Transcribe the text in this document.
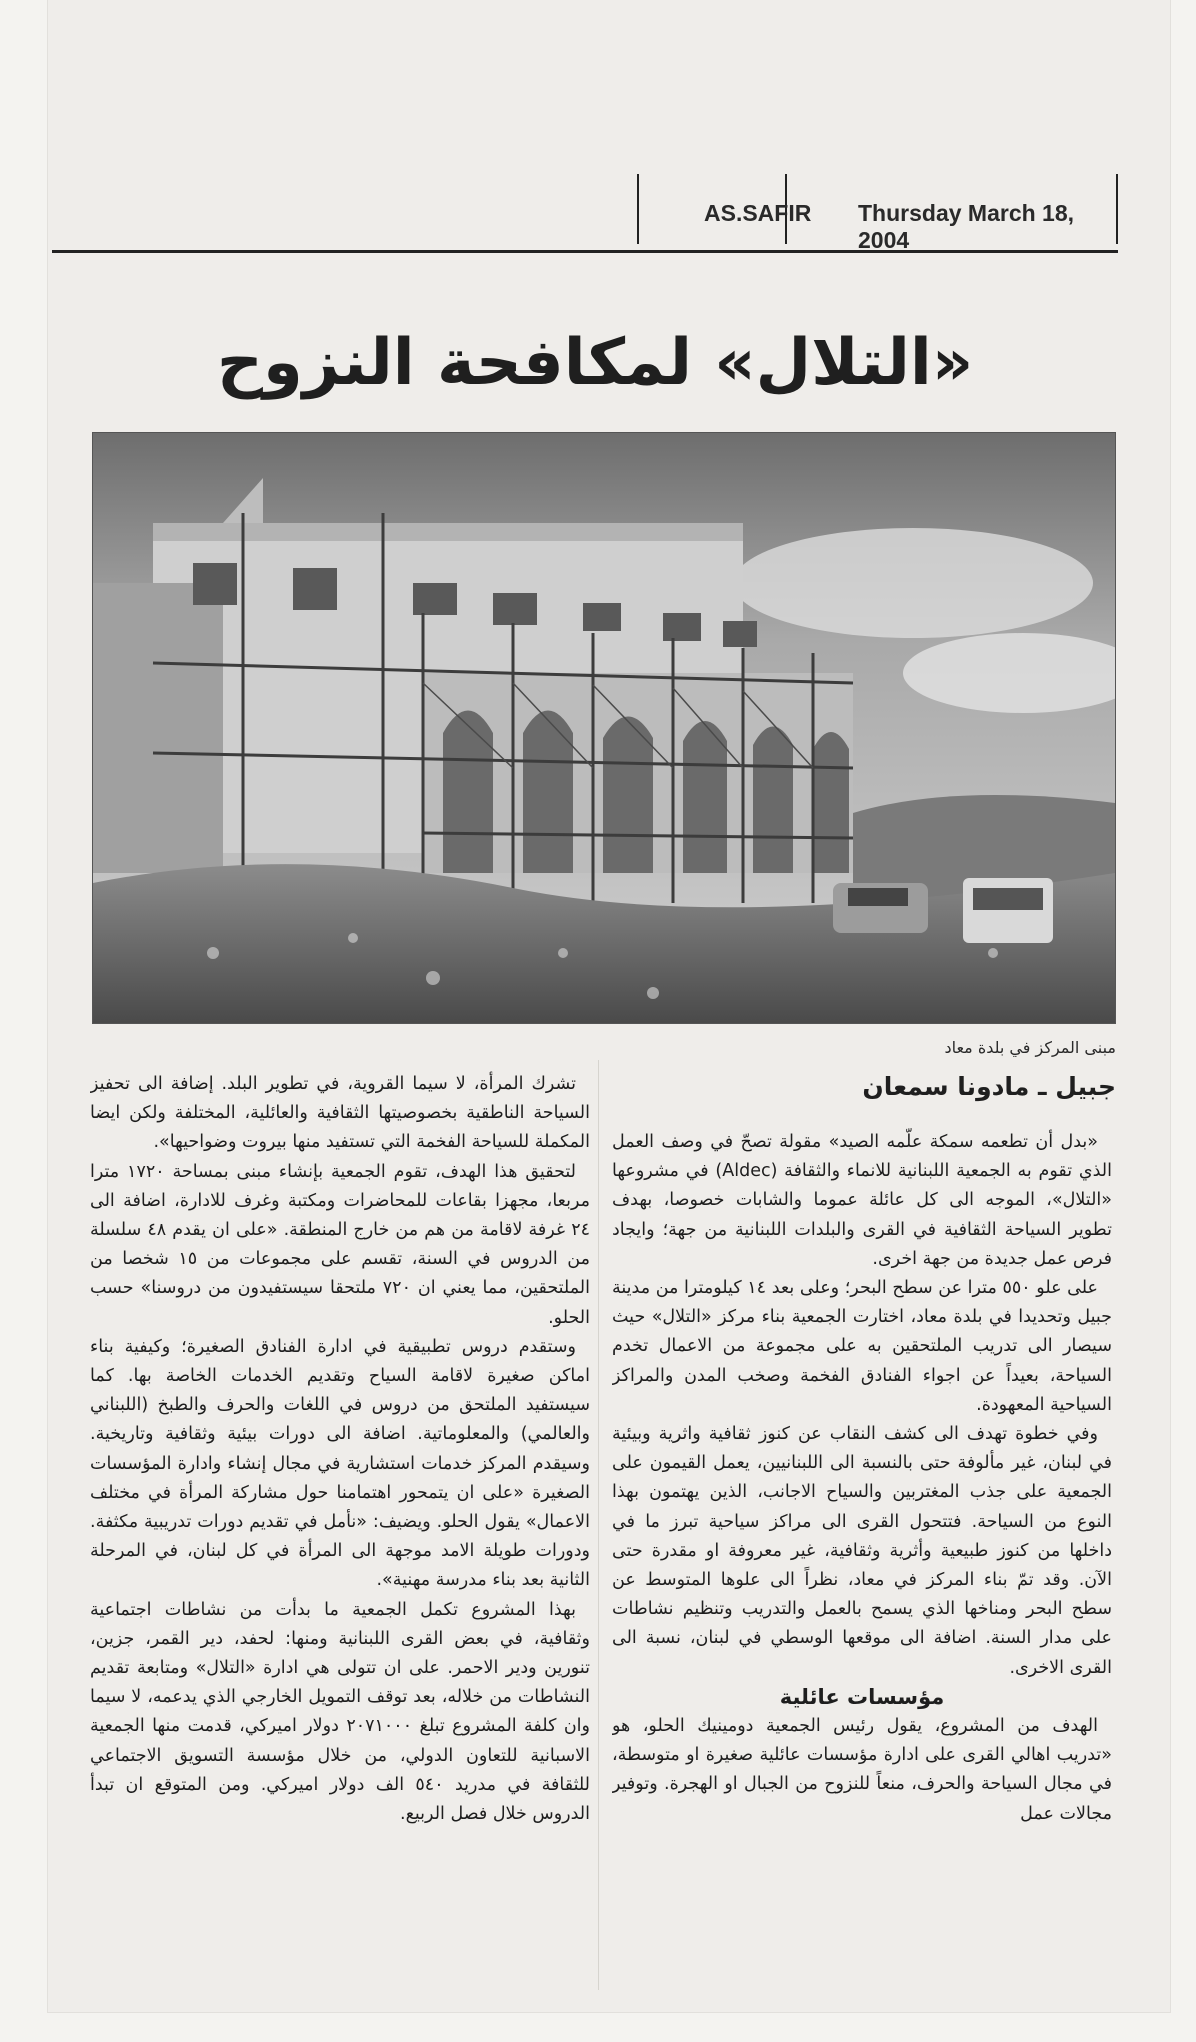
AS.SAFIR Thursday March 18, 2004
«التلال» لمكافحة النزوح
مبنى المركز في بلدة معاد
جبيل ـ مادونا سمعان

«بدل أن تطعمه سمكة علّمه الصيد» مقولة تصحّ في وصف العمل الذي تقوم به الجمعية اللبنانية للانماء والثقافة (Aldec) في مشروعها «التلال»، الموجه الى كل عائلة عموما والشابات خصوصا، بهدف تطوير السياحة الثقافية في القرى والبلدات اللبنانية من جهة؛ وايجاد فرص عمل جديدة من جهة اخرى.

على علو ٥٥٠ مترا عن سطح البحر؛ وعلى بعد ١٤ كيلومترا من مدينة جبيل وتحديدا في بلدة معاد، اختارت الجمعية بناء مركز «التلال» حيث سيصار الى تدريب الملتحقين به على مجموعة من الاعمال تخدم السياحة، بعيداً عن اجواء الفنادق الفخمة وصخب المدن والمراكز السياحية المعهودة.

وفي خطوة تهدف الى كشف النقاب عن كنوز ثقافية واثرية وبيئية في لبنان، غير مألوفة حتى بالنسبة الى اللبنانيين، يعمل القيمون على الجمعية على جذب المغتربين والسياح الاجانب، الذين يهتمون بهذا النوع من السياحة. فتتحول القرى الى مراكز سياحية تبرز ما في داخلها من كنوز طبيعية وأثرية وثقافية، غير معروفة او مقدرة حتى الآن. وقد تمّ بناء المركز في معاد، نظراً الى علوها المتوسط عن سطح البحر ومناخها الذي يسمح بالعمل والتدريب وتنظيم نشاطات على مدار السنة. اضافة الى موقعها الوسطي في لبنان، نسبة الى القرى الاخرى.

مؤسسات عائلية

الهدف من المشروع، يقول رئيس الجمعية دومينيك الحلو، هو «تدريب اهالي القرى على ادارة مؤسسات عائلية صغيرة او متوسطة، في مجال السياحة والحرف، منعاً للنزوح من الجبال او الهجرة. وتوفير مجالات عمل

تشرك المرأة، لا سيما القروية، في تطوير البلد. إضافة الى تحفيز السياحة الناطقية بخصوصيتها الثقافية والعائلية، المختلفة ولكن ايضا المكملة للسياحة الفخمة التي تستفيد منها بيروت وضواحيها».

لتحقيق هذا الهدف، تقوم الجمعية بإنشاء مبنى بمساحة ١٧٢٠ مترا مربعا، مجهزا بقاعات للمحاضرات ومكتبة وغرف للادارة، اضافة الى ٢٤ غرفة لاقامة من هم من خارج المنطقة. «على ان يقدم ٤٨ سلسلة من الدروس في السنة، تقسم على مجموعات من ١٥ شخصا من الملتحقين، مما يعني ان ٧٢٠ ملتحقا سيستفيدون من دروسنا» حسب الحلو.

وستقدم دروس تطبيقية في ادارة الفنادق الصغيرة؛ وكيفية بناء اماكن صغيرة لاقامة السياح وتقديم الخدمات الخاصة بها. كما سيستفيد الملتحق من دروس في اللغات والحرف والطبخ (اللبناني والعالمي) والمعلوماتية. اضافة الى دورات بيئية وثقافية وتاريخية. وسيقدم المركز خدمات استشارية في مجال إنشاء وادارة المؤسسات الصغيرة «على ان يتمحور اهتمامنا حول مشاركة المرأة في مختلف الاعمال» يقول الحلو. ويضيف: «نأمل في تقديم دورات تدريبية مكثفة. ودورات طويلة الامد موجهة الى المرأة في كل لبنان، في المرحلة الثانية بعد بناء مدرسة مهنية».

بهذا المشروع تكمل الجمعية ما بدأت من نشاطات اجتماعية وثقافية، في بعض القرى اللبنانية ومنها: لحفد، دير القمر، جزين، تنورين ودير الاحمر. على ان تتولى هي ادارة «التلال» ومتابعة تقديم النشاطات من خلاله، بعد توقف التمويل الخارجي الذي يدعمه، لا سيما وان كلفة المشروع تبلغ ٢٠٧١٠٠٠ دولار اميركي، قدمت منها الجمعية الاسبانية للتعاون الدولي، من خلال مؤسسة التسويق الاجتماعي للثقافة في مدريد ٥٤٠ الف دولار اميركي. ومن المتوقع ان تبدأ الدروس خلال فصل الربيع.
